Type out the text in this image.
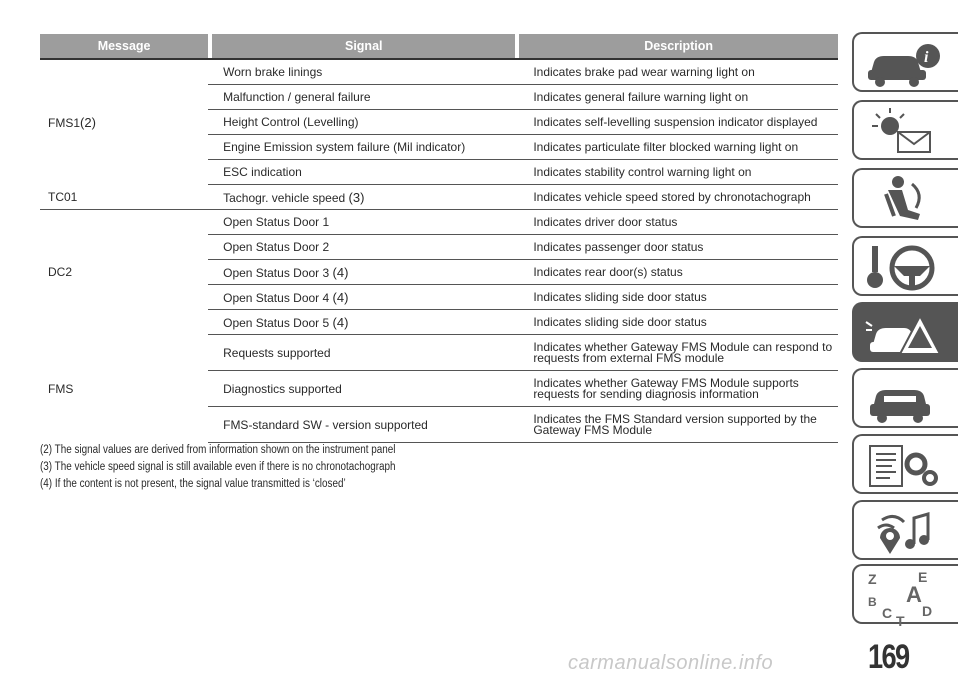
Message		Signal		Description
FMS1(2)		Worn brake linings		Indicates brake pad wear warning light on
		Malfunction / general failure		Indicates general failure warning light on
		Height Control (Levelling)		Indicates self-levelling suspension indicator displayed
		Engine Emission system failure (Mil indicator)		Indicates particulate filter blocked warning light on
		ESC indication		Indicates stability control warning light on
TC01		Tachogr. vehicle speed (3)		Indicates vehicle speed stored by chronotachograph
DC2		Open Status Door 1		Indicates driver door status
		Open Status Door 2		Indicates passenger door status
		Open Status Door 3 (4)		Indicates rear door(s) status
		Open Status Door 4 (4)		Indicates sliding side door status
		Open Status Door 5 (4)		Indicates sliding side door status
FMS		Requests supported		Indicates whether Gateway FMS Module can respond to requests from external FMS module
		Diagnostics supported		Indicates whether Gateway FMS Module supports requests for sending diagnosis information
		FMS-standard SW - version supported		Indicates the FMS Standard version supported by the Gateway FMS Module
(2) The signal values are derived from information shown on the instrument panel
(3) The vehicle speed signal is still available even if there is no chronotachograph
(4) If the content is not present, the signal value transmitted is ‘closed’
i
Z	E
B A
C D
T
169
carmanualsonline.info
